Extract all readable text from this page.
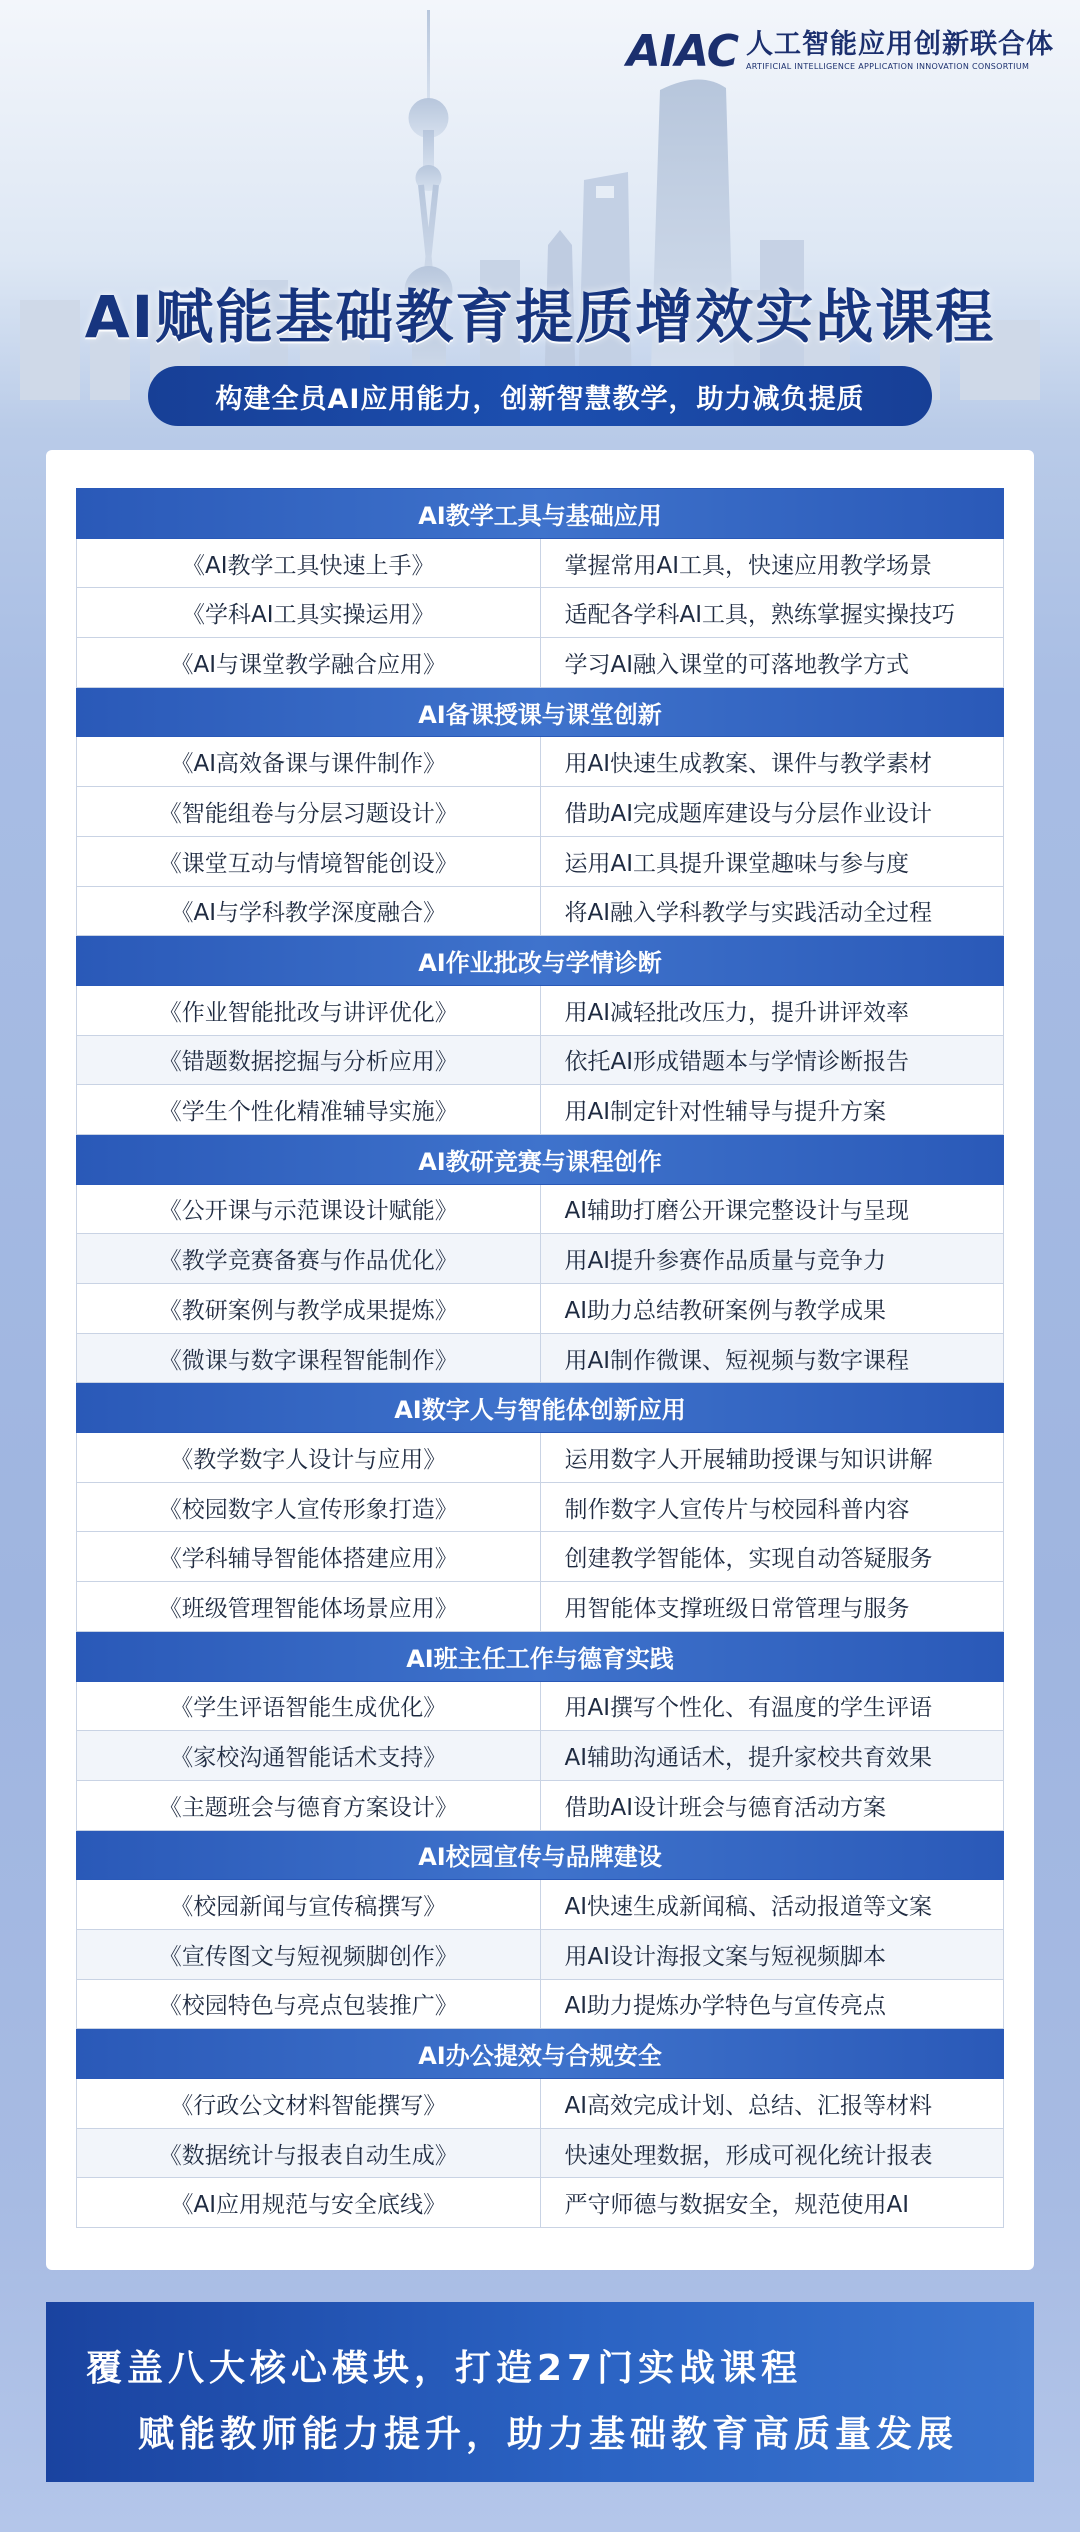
AIAC 人工智能应用创新联合体
ARTIFICIAL INTELLIGENCE APPLICATION INNOVATION CONSORTIUM
AI赋能基础教育提质增效实战课程
构建全员AI应用能力，创新智慧教学，助力减负提质
AI教学工具与基础应用	
《AI教学工具快速上手》	掌握常用AI工具，快速应用教学场景
《学科AI工具实操运用》	适配各学科AI工具，熟练掌握实操技巧
《AI与课堂教学融合应用》	学习AI融入课堂的可落地教学方式
AI备课授课与课堂创新	
《AI高效备课与课件制作》	用AI快速生成教案、课件与教学素材
《智能组卷与分层习题设计》	借助AI完成题库建设与分层作业设计
《课堂互动与情境智能创设》	运用AI工具提升课堂趣味与参与度
《AI与学科教学深度融合》	将AI融入学科教学与实践活动全过程
AI作业批改与学情诊断	
《作业智能批改与讲评优化》	用AI减轻批改压力，提升讲评效率
《错题数据挖掘与分析应用》	依托AI形成错题本与学情诊断报告
《学生个性化精准辅导实施》	用AI制定针对性辅导与提升方案
AI教研竞赛与课程创作	
《公开课与示范课设计赋能》	AI辅助打磨公开课完整设计与呈现
《教学竞赛备赛与作品优化》	用AI提升参赛作品质量与竞争力
《教研案例与教学成果提炼》	AI助力总结教研案例与教学成果
《微课与数字课程智能制作》	用AI制作微课、短视频与数字课程
AI数字人与智能体创新应用	
《教学数字人设计与应用》	运用数字人开展辅助授课与知识讲解
《校园数字人宣传形象打造》	制作数字人宣传片与校园科普内容
《学科辅导智能体搭建应用》	创建教学智能体，实现自动答疑服务
《班级管理智能体场景应用》	用智能体支撑班级日常管理与服务
AI班主任工作与德育实践	
《学生评语智能生成优化》	用AI撰写个性化、有温度的学生评语
《家校沟通智能话术支持》	AI辅助沟通话术，提升家校共育效果
《主题班会与德育方案设计》	借助AI设计班会与德育活动方案
AI校园宣传与品牌建设	
《校园新闻与宣传稿撰写》	AI快速生成新闻稿、活动报道等文案
《宣传图文与短视频脚创作》	用AI设计海报文案与短视频脚本
《校园特色与亮点包装推广》	AI助力提炼办学特色与宣传亮点
AI办公提效与合规安全	
《行政公文材料智能撰写》	AI高效完成计划、总结、汇报等材料
《数据统计与报表自动生成》	快速处理数据，形成可视化统计报表
《AI应用规范与安全底线》	严守师德与数据安全，规范使用AI
覆盖八大核心模块，打造27门实战课程
赋能教师能力提升，助力基础教育高质量发展
